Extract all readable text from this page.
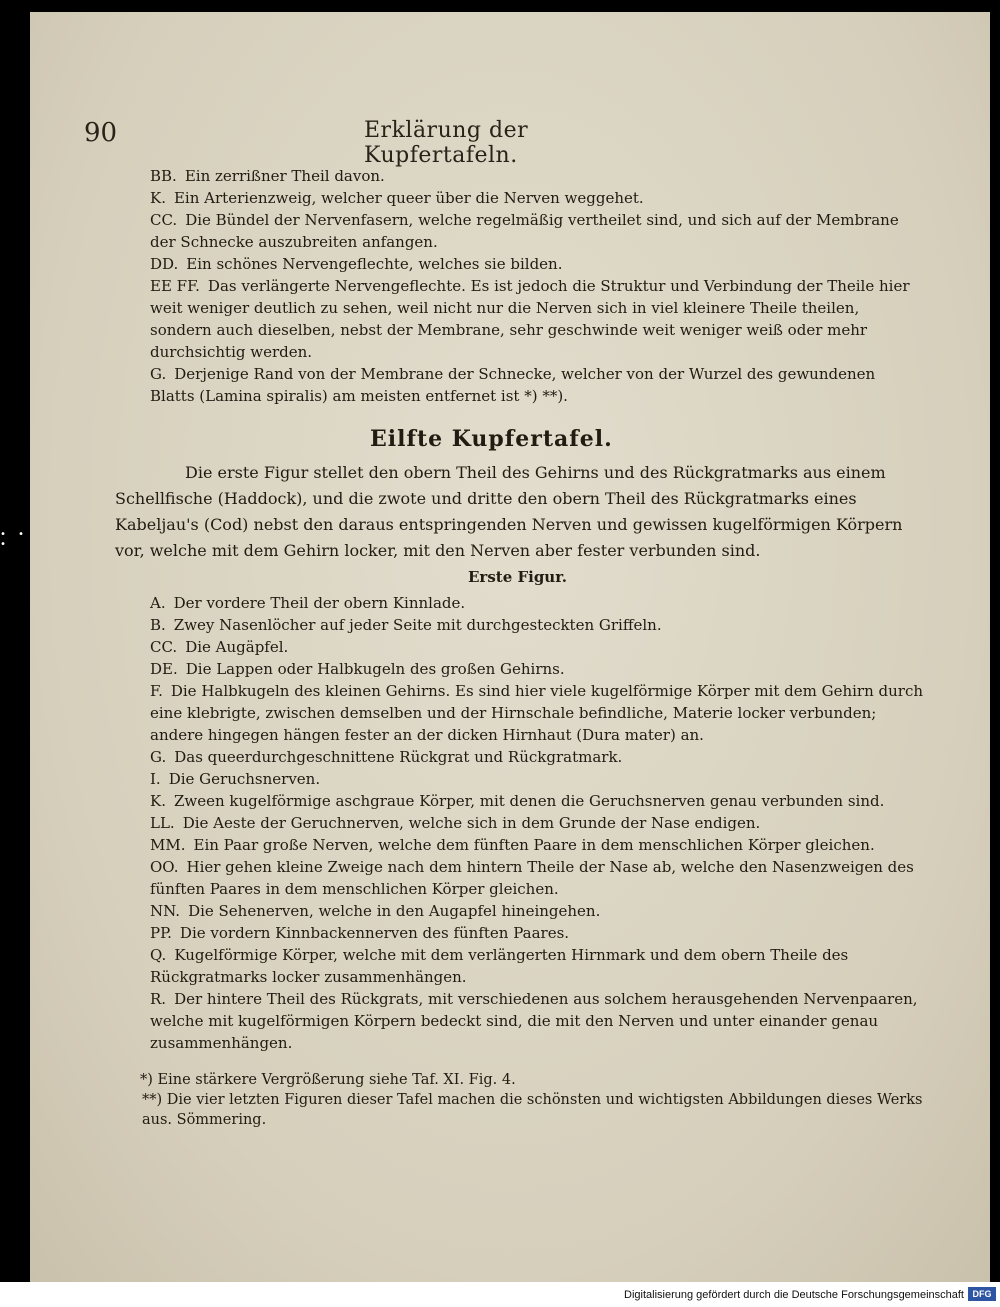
• • •
90	Erklärung der Kupfertafeln.
BB. Ein zerrißner Theil davon.
K. Ein Arterienzweig, welcher queer über die Nerven weggehet.
CC. Die Bündel der Nervenfasern, welche regelmäßig vertheilet sind, und sich auf der Membrane der Schnecke auszubreiten anfangen.
DD. Ein schönes Nervengeflechte, welches sie bilden.
EE FF. Das verlängerte Nervengeflechte. Es ist jedoch die Struktur und Verbindung der Theile hier weit weniger deutlich zu sehen, weil nicht nur die Nerven sich in viel kleinere Theile theilen, sondern auch dieselben, nebst der Membrane, sehr geschwinde weit weniger weiß oder mehr durchsichtig werden.
G. Derjenige Rand von der Membrane der Schnecke, welcher von der Wurzel des gewundenen Blatts (Lamina spiralis) am meisten entfernet ist *) **).
Eilfte Kupfertafel.
Die erste Figur stellet den obern Theil des Gehirns und des Rückgratmarks aus einem Schellfische (Haddock), und die zwote und dritte den obern Theil des Rückgratmarks eines Kabeljau's (Cod) nebst den daraus entspringenden Nerven und gewissen kugelförmigen Körpern vor, welche mit dem Gehirn locker, mit den Nerven aber fester verbunden sind.
Erste Figur.
A. Der vordere Theil der obern Kinnlade.
B. Zwey Nasenlöcher auf jeder Seite mit durchgesteckten Griffeln.
CC. Die Augäpfel.
DE. Die Lappen oder Halbkugeln des großen Gehirns.
F. Die Halbkugeln des kleinen Gehirns. Es sind hier viele kugelförmige Körper mit dem Gehirn durch eine klebrigte, zwischen demselben und der Hirnschale befindliche, Materie locker verbunden; andere hingegen hängen fester an der dicken Hirnhaut (Dura mater) an.
G. Das queerdurchgeschnittene Rückgrat und Rückgratmark.
I. Die Geruchsnerven.
K. Zween kugelförmige aschgraue Körper, mit denen die Geruchsnerven genau verbunden sind.
LL. Die Aeste der Geruchnerven, welche sich in dem Grunde der Nase endigen.
MM. Ein Paar große Nerven, welche dem fünften Paare in dem menschlichen Körper gleichen.
OO. Hier gehen kleine Zweige nach dem hintern Theile der Nase ab, welche den Nasenzweigen des fünften Paares in dem menschlichen Körper gleichen.
NN. Die Sehenerven, welche in den Augapfel hineingehen.
PP. Die vordern Kinnbackennerven des fünften Paares.
Q. Kugelförmige Körper, welche mit dem verlängerten Hirnmark und dem obern Theile des Rückgratmarks locker zusammenhängen.
R. Der hintere Theil des Rückgrats, mit verschiedenen aus solchem herausgehenden Nervenpaaren, welche mit kugelförmigen Körpern bedeckt sind, die mit den Nerven und unter einander genau zusammenhängen.
*) Eine stärkere Vergrößerung siehe Taf. XI. Fig. 4.
**) Die vier letzten Figuren dieser Tafel machen die schönsten und wichtigsten Abbildungen dieses Werks aus. Sömmering.
Digitalisierung gefördert durch die Deutsche Forschungsgemeinschaft DFG
